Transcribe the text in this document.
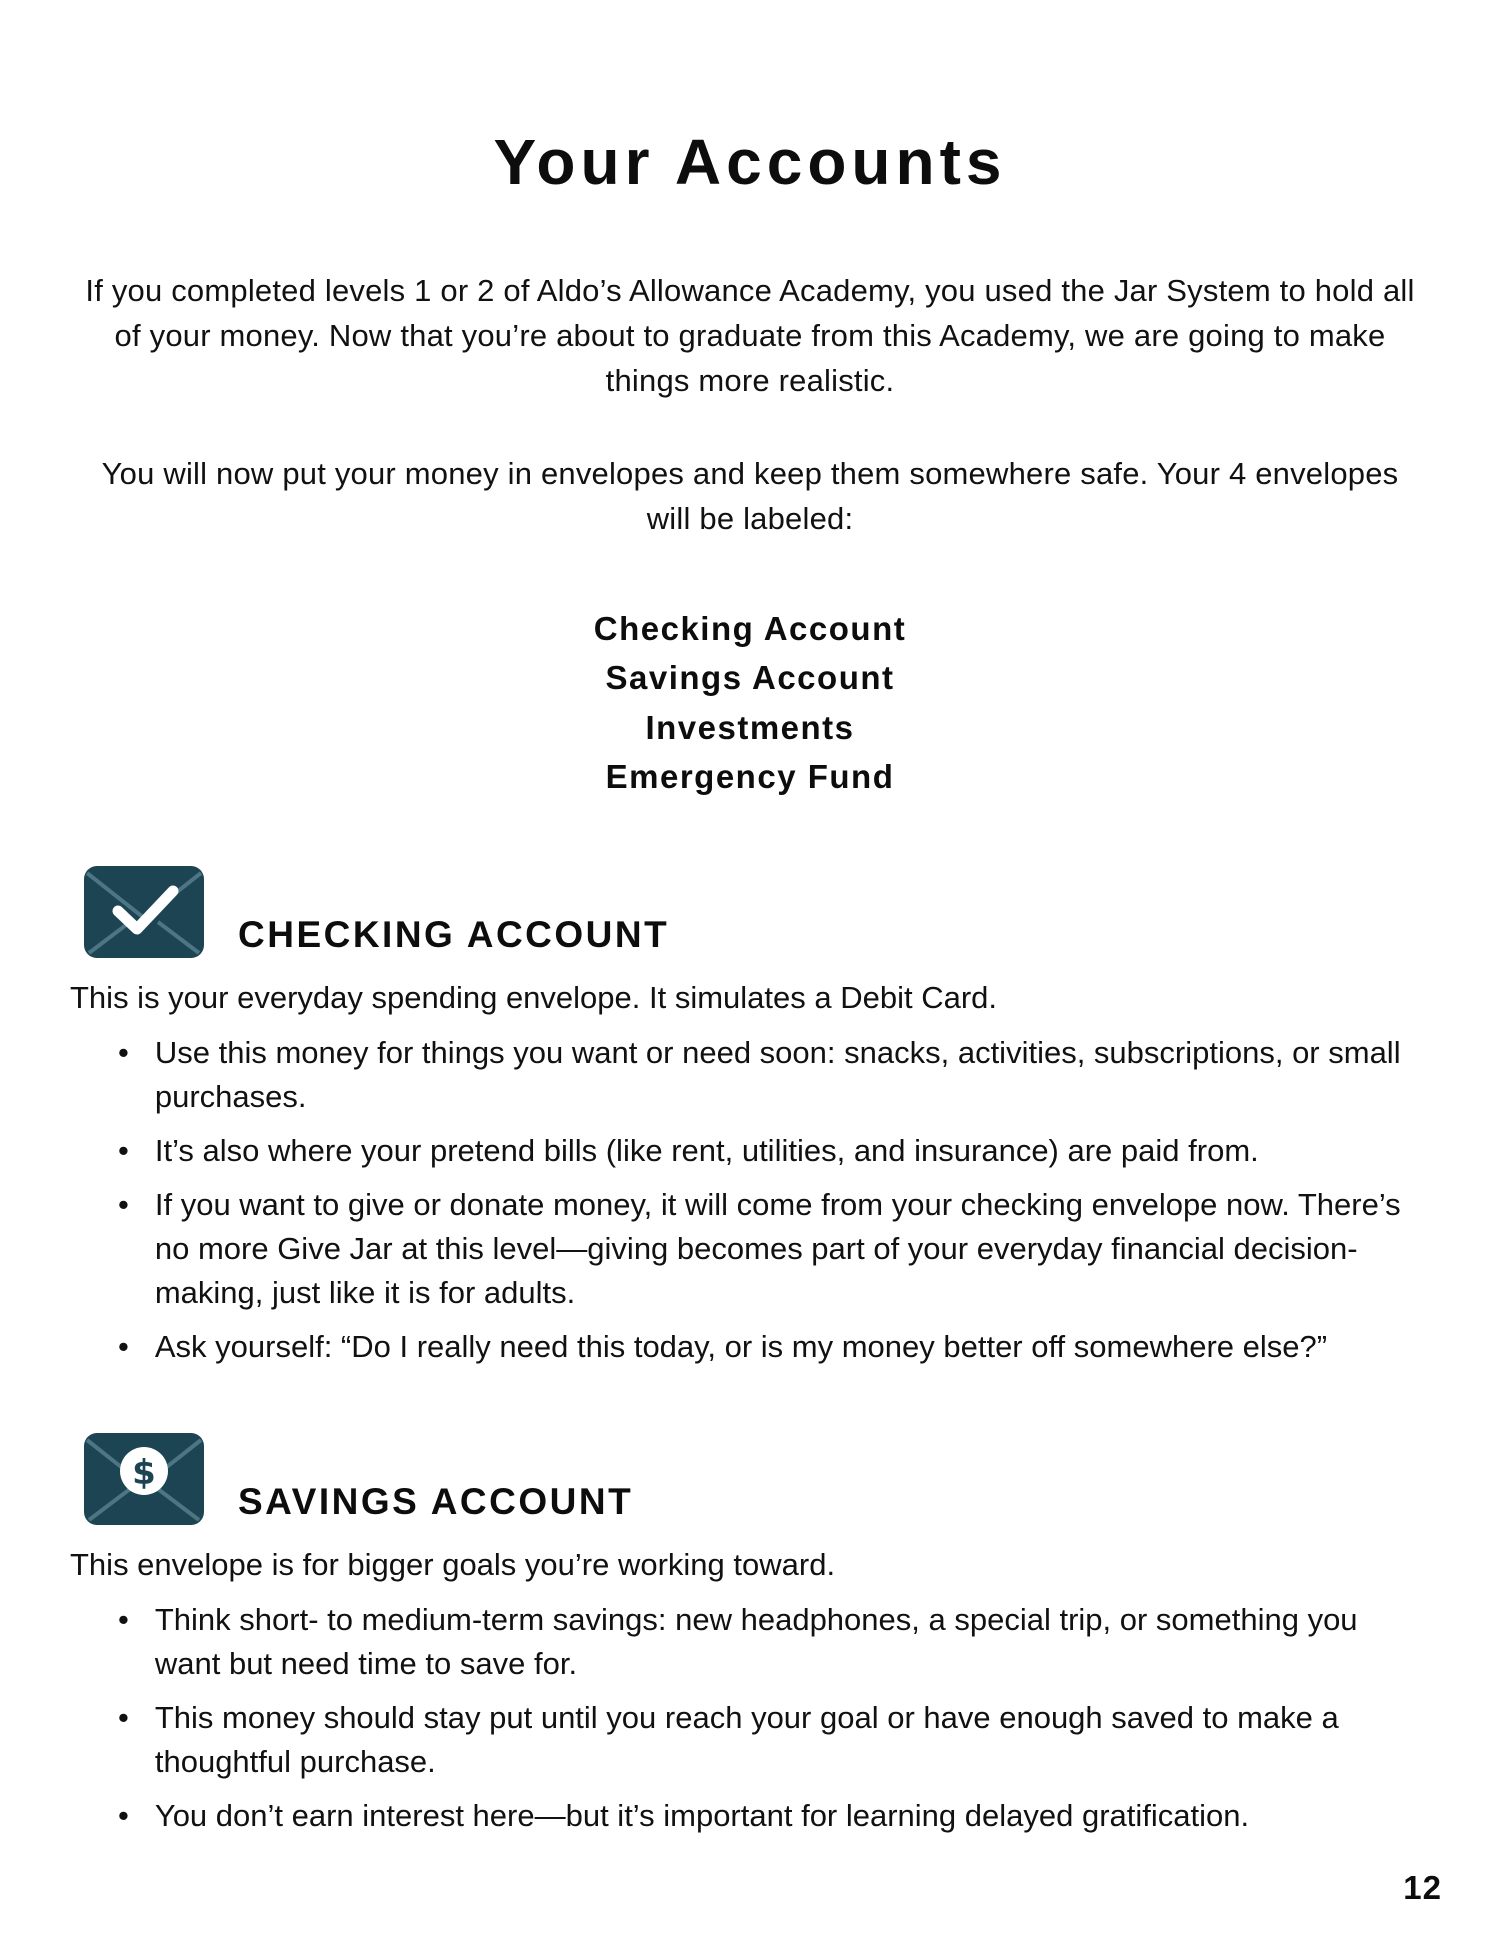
Your Accounts

If you completed levels 1 or 2 of Aldo’s Allowance Academy, you used the Jar System to hold all of your money. Now that you’re about to graduate from this Academy, we are going to make things more realistic.

You will now put your money in envelopes and keep them somewhere safe. Your 4 envelopes will be labeled:

Checking Account
Savings Account
Investments
Emergency Fund
CHECKING ACCOUNT

This is your everyday spending envelope. It simulates a Debit Card.

• Use this money for things you want or need soon: snacks, activities, subscriptions, or small purchases.
• It’s also where your pretend bills (like rent, utilities, and insurance) are paid from.
• If you want to give or donate money, it will come from your checking envelope now. There’s no more Give Jar at this level—giving becomes part of your everyday financial decision-making, just like it is for adults.
• Ask yourself: “Do I really need this today, or is my money better off somewhere else?”
$
SAVINGS ACCOUNT

This envelope is for bigger goals you’re working toward.

• Think short- to medium-term savings: new headphones, a special trip, or something you want but need time to save for.
• This money should stay put until you reach your goal or have enough saved to make a thoughtful purchase.
• You don’t earn interest here—but it’s important for learning delayed gratification.
12
